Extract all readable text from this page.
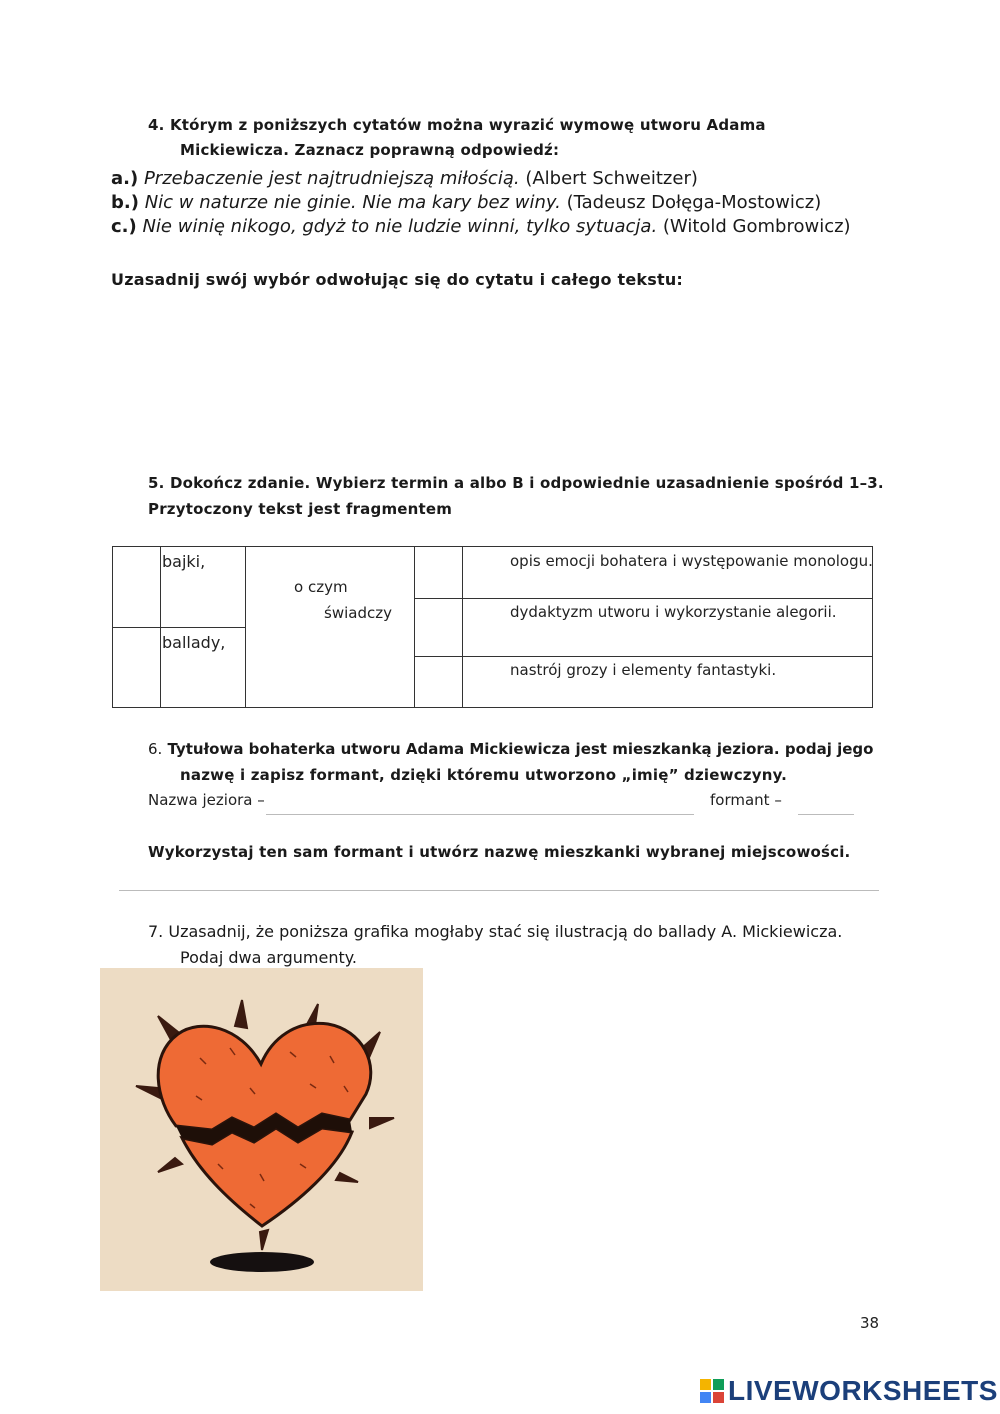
4. Którym z poniższych cytatów można wyrazić wymowę utworu Adama
Mickiewicza. Zaznacz poprawną odpowiedź:
a.) Przebaczenie jest najtrudniejszą miłością. (Albert Schweitzer)
b.) Nic w naturze nie ginie. Nie ma kary bez winy. (Tadeusz Dołęga-Mostowicz)
c.) Nie winię nikogo, gdyż to nie ludzie winni, tylko sytuacja. (Witold Gombrowicz)
Uzasadnij swój wybór odwołując się do cytatu i całego tekstu:
5. Dokończ zdanie. Wybierz termin a albo B i odpowiednie uzasadnienie spośród 1–3.
Przytoczony tekst jest fragmentem
bajki,
ballady,
o czym
świadczy
opis emocji bohatera i występowanie monologu.
dydaktyzm utworu i wykorzystanie alegorii.
nastrój grozy i elementy fantastyki.
6. Tytułowa bohaterka utworu Adama Mickiewicza jest mieszkanką jeziora. podaj jego
nazwę i zapisz formant, dzięki któremu utworzono „imię” dziewczyny.
Nazwa jeziora –	formant –
Wykorzystaj ten sam formant i utwórz nazwę mieszkanki wybranej miejscowości.
7. Uzasadnij, że poniższa grafika mogłaby stać się ilustracją do ballady A. Mickiewicza.
Podaj dwa argumenty.
38
LIVEWORKSHEETS
